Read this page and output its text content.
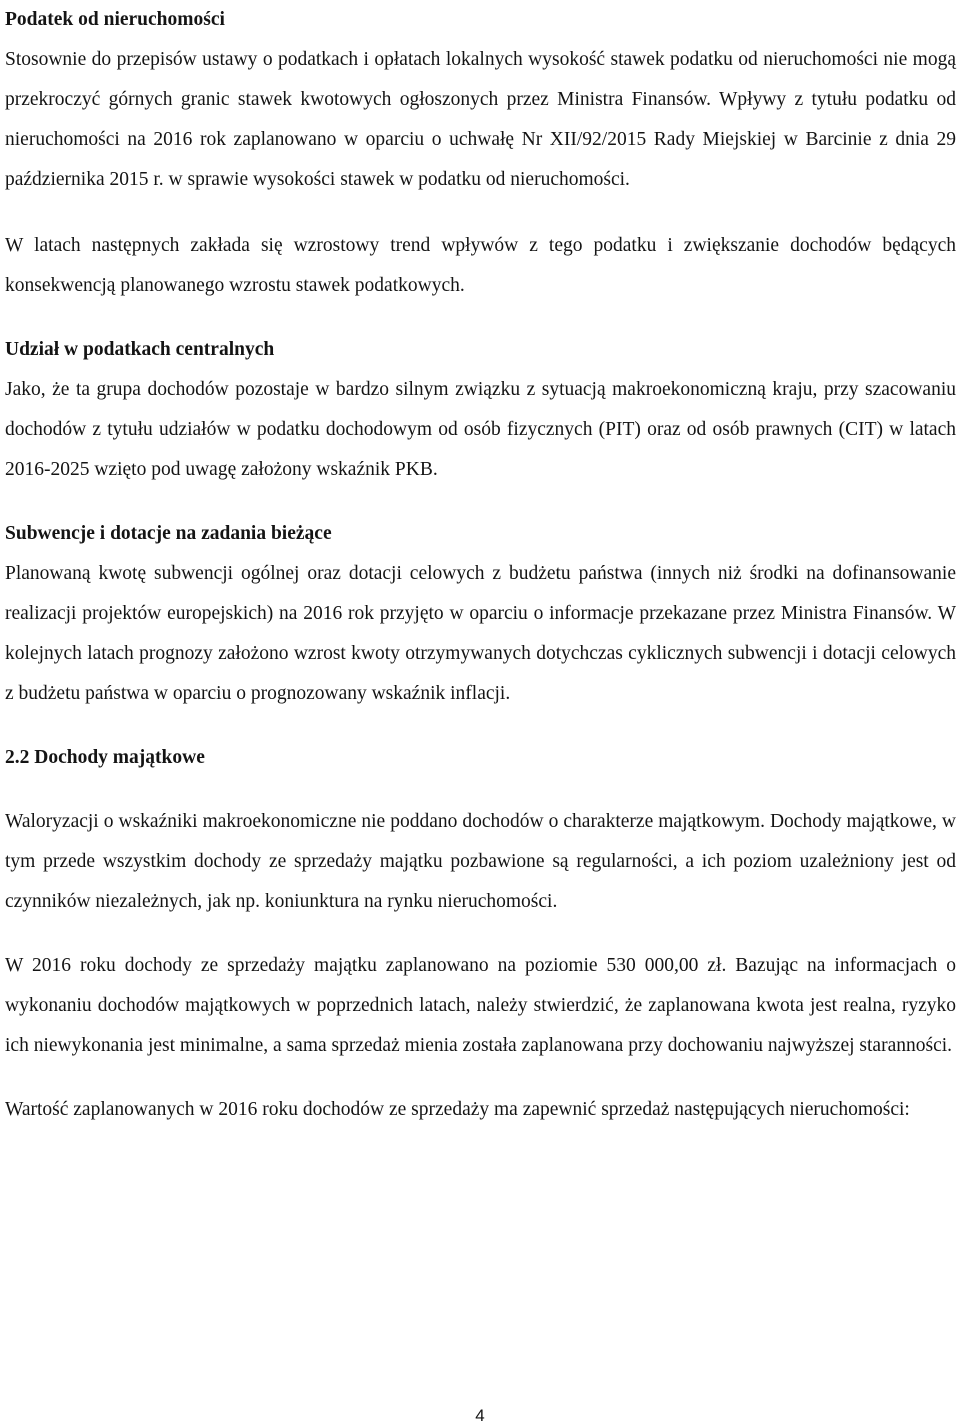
Podatek od nieruchomości

Stosownie do przepisów ustawy o podatkach i opłatach lokalnych wysokość stawek podatku od nieruchomości nie mogą przekroczyć górnych granic stawek kwotowych ogłoszonych przez Ministra Finansów. Wpływy z tytułu podatku od nieruchomości na 2016 rok zaplanowano w oparciu o uchwałę Nr XII/92/2015 Rady Miejskiej w Barcinie z dnia 29 października 2015 r. w sprawie wysokości stawek w podatku od nieruchomości.

W latach następnych zakłada się wzrostowy trend wpływów z tego podatku i zwiększanie dochodów będących konsekwencją planowanego wzrostu stawek podatkowych.

Udział w podatkach centralnych

Jako, że ta grupa dochodów pozostaje w bardzo silnym związku z sytuacją makroekonomiczną kraju, przy szacowaniu dochodów z tytułu udziałów w podatku dochodowym od osób fizycznych (PIT) oraz od osób prawnych (CIT) w latach 2016-2025 wzięto pod uwagę założony wskaźnik PKB.

Subwencje i dotacje na zadania bieżące

Planowaną kwotę subwencji ogólnej oraz dotacji celowych z budżetu państwa (innych niż środki na dofinansowanie realizacji projektów europejskich) na 2016 rok przyjęto w oparciu o informacje przekazane przez Ministra Finansów. W kolejnych latach prognozy założono wzrost kwoty otrzymywanych dotychczas cyklicznych subwencji i dotacji celowych z budżetu państwa w oparciu o prognozowany wskaźnik inflacji.

2.2 Dochody majątkowe

Waloryzacji o wskaźniki makroekonomiczne nie poddano dochodów o charakterze majątkowym. Dochody majątkowe, w tym przede wszystkim dochody ze sprzedaży majątku pozbawione są regularności, a ich poziom uzależniony jest od czynników niezależnych, jak np. koniunktura na rynku nieruchomości.

W 2016 roku dochody ze sprzedaży majątku zaplanowano na poziomie 530 000,00 zł. Bazując na informacjach o wykonaniu dochodów majątkowych w poprzednich latach, należy stwierdzić, że zaplanowana kwota jest realna, ryzyko ich niewykonania jest minimalne, a sama sprzedaż mienia została zaplanowana przy dochowaniu najwyższej staranności.

Wartość zaplanowanych w 2016 roku dochodów ze sprzedaży ma zapewnić sprzedaż następujących nieruchomości:

4
